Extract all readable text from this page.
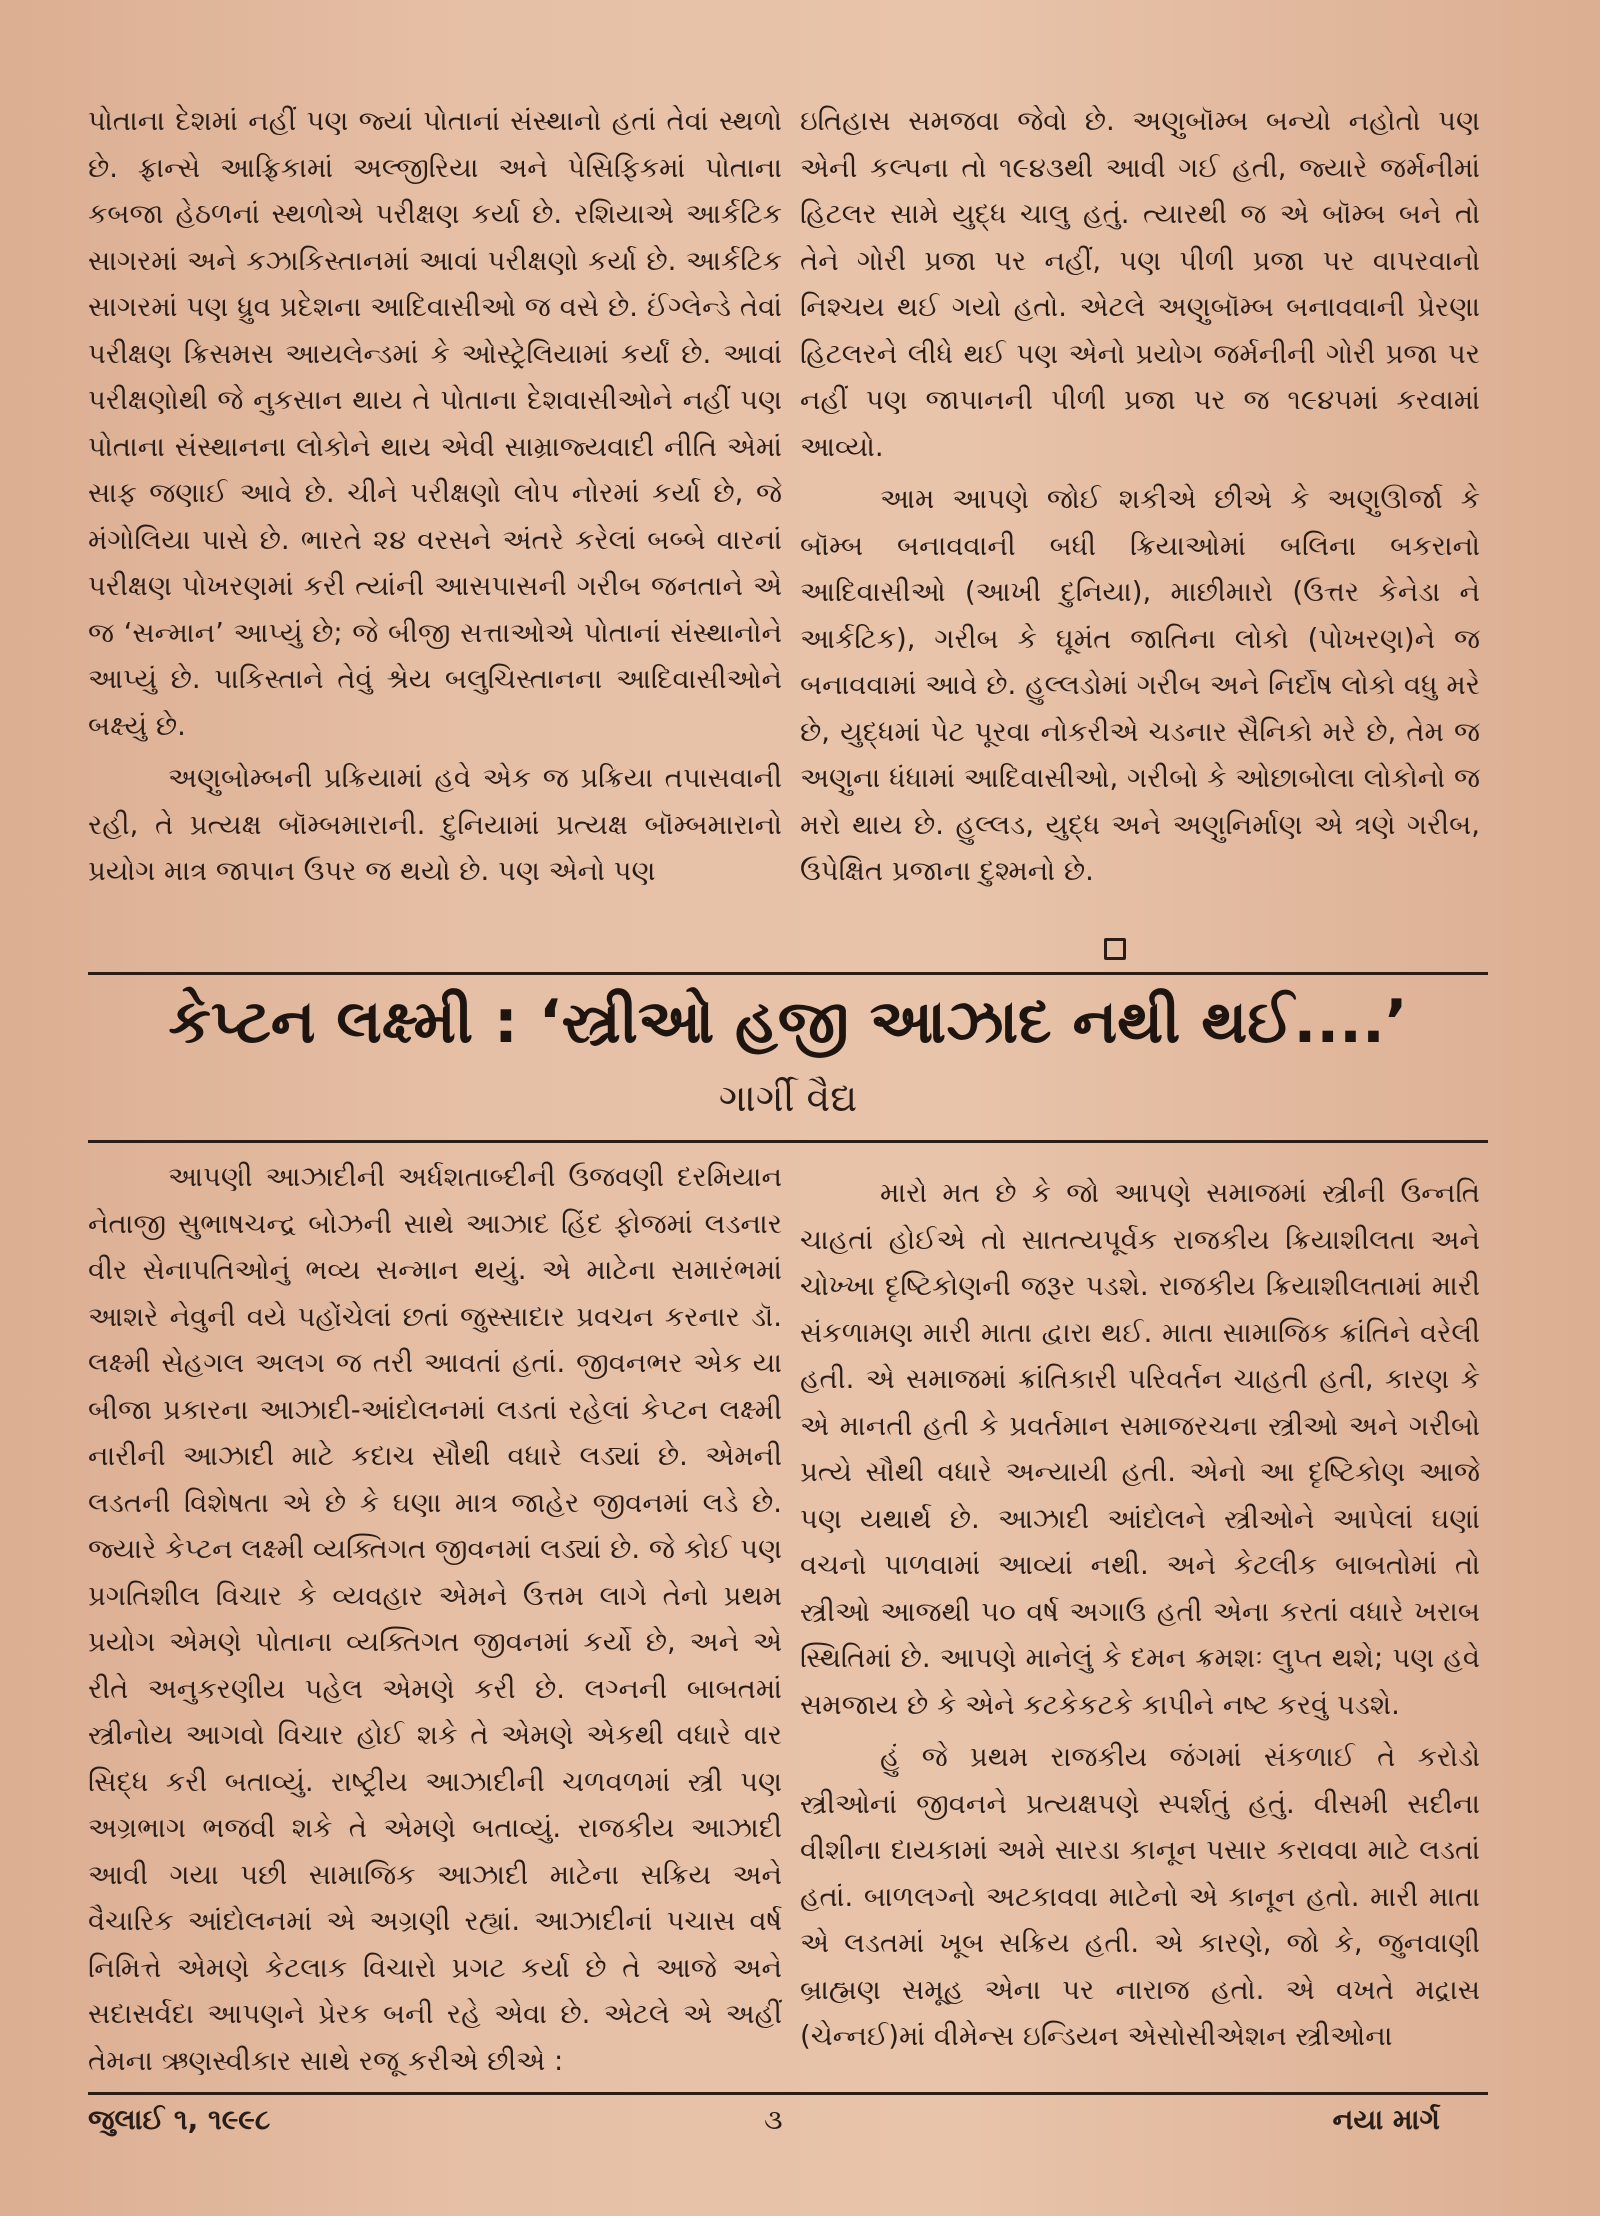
પોતાના દેશમાં નહીં પણ જ્યાં પોતાનાં સંસ્થાનો હતાં તેવાં સ્થળો છે. ફ્રાન્સે આફ્રિકામાં અલ્જીરિયા અને પેસિફિકમાં પોતાના કબજા હેઠળનાં સ્થળોએ પરીક્ષણ કર્યા છે. રશિયાએ આર્કટિક સાગરમાં અને કઝાકિસ્તાનમાં આવાં પરીક્ષણો કર્યા છે. આર્કટિક સાગરમાં પણ ધ્રુવ પ્રદેશના આદિવાસીઓ જ વસે છે. ઈંગ્લેન્ડે તેવાં પરીક્ષણ ક્રિસમસ આયલેન્ડમાં કે ઓસ્ટ્રેલિયામાં કર્યાં છે. આવાં પરીક્ષણોથી જે નુકસાન થાય તે પોતાના દેશવાસીઓને નહીં પણ પોતાના સંસ્થાનના લોકોને થાય એવી સામ્રાજ્યવાદી નીતિ એમાં સાફ જણાઈ આવે છે. ચીને પરીક્ષણો લોપ નોરમાં કર્યા છે, જે મંગોલિયા પાસે છે. ભારતે ૨૪ વરસને અંતરે કરેલાં બબ્બે વારનાં પરીક્ષણ પોખરણમાં કરી ત્યાંની આસપાસની ગરીબ જનતાને એ જ ‘સન્માન’ આપ્યું છે; જે બીજી સત્તાઓએ પોતાનાં સંસ્થાનોને આપ્યું છે. પાકિસ્તાને તેવું શ્રેય બલુચિસ્તાનના આદિવાસીઓને બક્ષ્યું છે.

અણુબોમ્બની પ્રક્રિયામાં હવે એક જ પ્રક્રિયા તપાસવાની રહી, તે પ્રત્યક્ષ બૉમ્બમારાની. દુનિયામાં પ્રત્યક્ષ બૉમ્બમારાનો પ્રયોગ માત્ર જાપાન ઉપર જ થયો છે. પણ એનો પણ

ઇતિહાસ સમજવા જેવો છે. અણુબૉમ્બ બન્યો નહોતો પણ એની કલ્પના તો ૧૯૪૩થી આવી ગઈ હતી, જ્યારે જર્મનીમાં હિટલર સામે યુદ્ધ ચાલુ હતું. ત્યારથી જ એ બૉમ્બ બને તો તેને ગોરી પ્રજા પર નહીં, પણ પીળી પ્રજા પર વાપરવાનો નિશ્ચય થઈ ગયો હતો. એટલે અણુબૉમ્બ બનાવવાની પ્રેરણા હિટલરને લીધે થઈ પણ એનો પ્રયોગ જર્મનીની ગોરી પ્રજા પર નહીં પણ જાપાનની પીળી પ્રજા પર જ ૧૯૪૫માં કરવામાં આવ્યો.

આમ આપણે જોઈ શકીએ છીએ કે અણુઊર્જા કે બૉમ્બ બનાવવાની બધી ક્રિયાઓમાં બલિના બકરાનો આદિવાસીઓ (આખી દુનિયા), માછીમારો (ઉત્તર કેનેડા ને આર્કટિક), ગરીબ કે ઘૂમંત જાતિના લોકો (પોખરણ)ને જ બનાવવામાં આવે છે. હુલ્લડોમાં ગરીબ અને નિર્દોષ લોકો વધુ મરે છે, યુદ્ધમાં પેટ પૂરવા નોકરીએ ચડનાર સૈનિકો મરે છે, તેમ જ અણુના ધંધામાં આદિવાસીઓ, ગરીબો કે ઓછાબોલા લોકોનો જ મરો થાય છે. હુલ્લડ, યુદ્ધ અને અણુનિર્માણ એ ત્રણે ગરીબ, ઉપેક્ષિત પ્રજાના દુશ્મનો છે.

કેપ્ટન લક્ષ્મી : ‘સ્ત્રીઓ હજી આઝાદ નથી થઈ....’
ગાર્ગી વૈદ્ય

આપણી આઝાદીની અર્ધશતાબ્દીની ઉજવણી દરમિયાન નેતાજી સુભાષચન્દ્ર બોઝની સાથે આઝાદ હિંદ ફોજમાં લડનાર વીર સેનાપતિઓનું ભવ્ય સન્માન થયું. એ માટેના સમારંભમાં આશરે નેવુની વયે પહોંચેલાં છતાં જુસ્સાદાર પ્રવચન કરનાર ડૉ. લક્ષ્મી સેહગલ અલગ જ તરી આવતાં હતાં. જીવનભર એક યા બીજા પ્રકારના આઝાદી-આંદોલનમાં લડતાં રહેલાં કેપ્ટન લક્ષ્મી નારીની આઝાદી માટે કદાચ સૌથી વધારે લડ્યાં છે. એમની લડતની વિશેષતા એ છે કે ઘણા માત્ર જાહેર જીવનમાં લડે છે. જ્યારે કેપ્ટન લક્ષ્મી વ્યક્તિગત જીવનમાં લડ્યાં છે. જે કોઈ પણ પ્રગતિશીલ વિચાર કે વ્યવહાર એમને ઉત્તમ લાગે તેનો પ્રથમ પ્રયોગ એમણે પોતાના વ્યક્તિગત જીવનમાં કર્યો છે, અને એ રીતે અનુકરણીય પહેલ એમણે કરી છે. લગ્નની બાબતમાં સ્ત્રીનોય આગવો વિચાર હોઈ શકે તે એમણે એકથી વધારે વાર સિદ્ધ કરી બતાવ્યું. રાષ્ટ્રીય આઝાદીની ચળવળમાં સ્ત્રી પણ અગ્રભાગ ભજવી શકે તે એમણે બતાવ્યું. રાજકીય આઝાદી આવી ગયા પછી સામાજિક આઝાદી માટેના સક્રિય અને વૈચારિક આંદોલનમાં એ અગ્રણી રહ્યાં. આઝાદીનાં પચાસ વર્ષ નિમિત્તે એમણે કેટલાક વિચારો પ્રગટ કર્યા છે તે આજે અને સદાસર્વદા આપણને પ્રેરક બની રહે એવા છે. એટલે એ અહીં તેમના ઋણસ્વીકાર સાથે રજૂ કરીએ છીએ :

મારો મત છે કે જો આપણે સમાજમાં સ્ત્રીની ઉન્નતિ ચાહતાં હોઈએ તો સાતત્યપૂર્વક રાજકીય ક્રિયાશીલતા અને ચોખ્ખા દૃષ્ટિકોણની જરૂર પડશે. રાજકીય ક્રિયાશીલતામાં મારી સંકળામણ મારી માતા દ્વારા થઈ. માતા સામાજિક ક્રાંતિને વરેલી હતી. એ સમાજમાં ક્રાંતિકારી પરિવર્તન ચાહતી હતી, કારણ કે એ માનતી હતી કે પ્રવર્તમાન સમાજરચના સ્ત્રીઓ અને ગરીબો પ્રત્યે સૌથી વધારે અન્યાયી હતી. એનો આ દૃષ્ટિકોણ આજે પણ યથાર્થ છે. આઝાદી આંદોલને સ્ત્રીઓને આપેલાં ઘણાં વચનો પાળવામાં આવ્યાં નથી. અને કેટલીક બાબતોમાં તો સ્ત્રીઓ આજથી ૫૦ વર્ષ અગાઉ હતી એના કરતાં વધારે ખરાબ સ્થિતિમાં છે. આપણે માનેલું કે દમન ક્રમશઃ લુપ્ત થશે; પણ હવે સમજાય છે કે એને કટકેકટકે કાપીને નષ્ટ કરવું પડશે.

હું જે પ્રથમ રાજકીય જંગમાં સંકળાઈ તે કરોડો સ્ત્રીઓનાં જીવનને પ્રત્યક્ષપણે સ્પર્શતું હતું. વીસમી સદીના વીશીના દાયકામાં અમે સારડા કાનૂન પસાર કરાવવા માટે લડતાં હતાં. બાળલગ્નો અટકાવવા માટેનો એ કાનૂન હતો. મારી માતા એ લડતમાં ખૂબ સક્રિય હતી. એ કારણે, જો કે, જુનવાણી બ્રાહ્મણ સમૂહ એના પર નારાજ હતો. એ વખતે મદ્રાસ (ચેન્નઈ)માં વીમેન્સ ઇન્ડિયન એસોસીએશન સ્ત્રીઓના

જુલાઈ ૧, ૧૯૯૮	૩	નયા માર્ગ
